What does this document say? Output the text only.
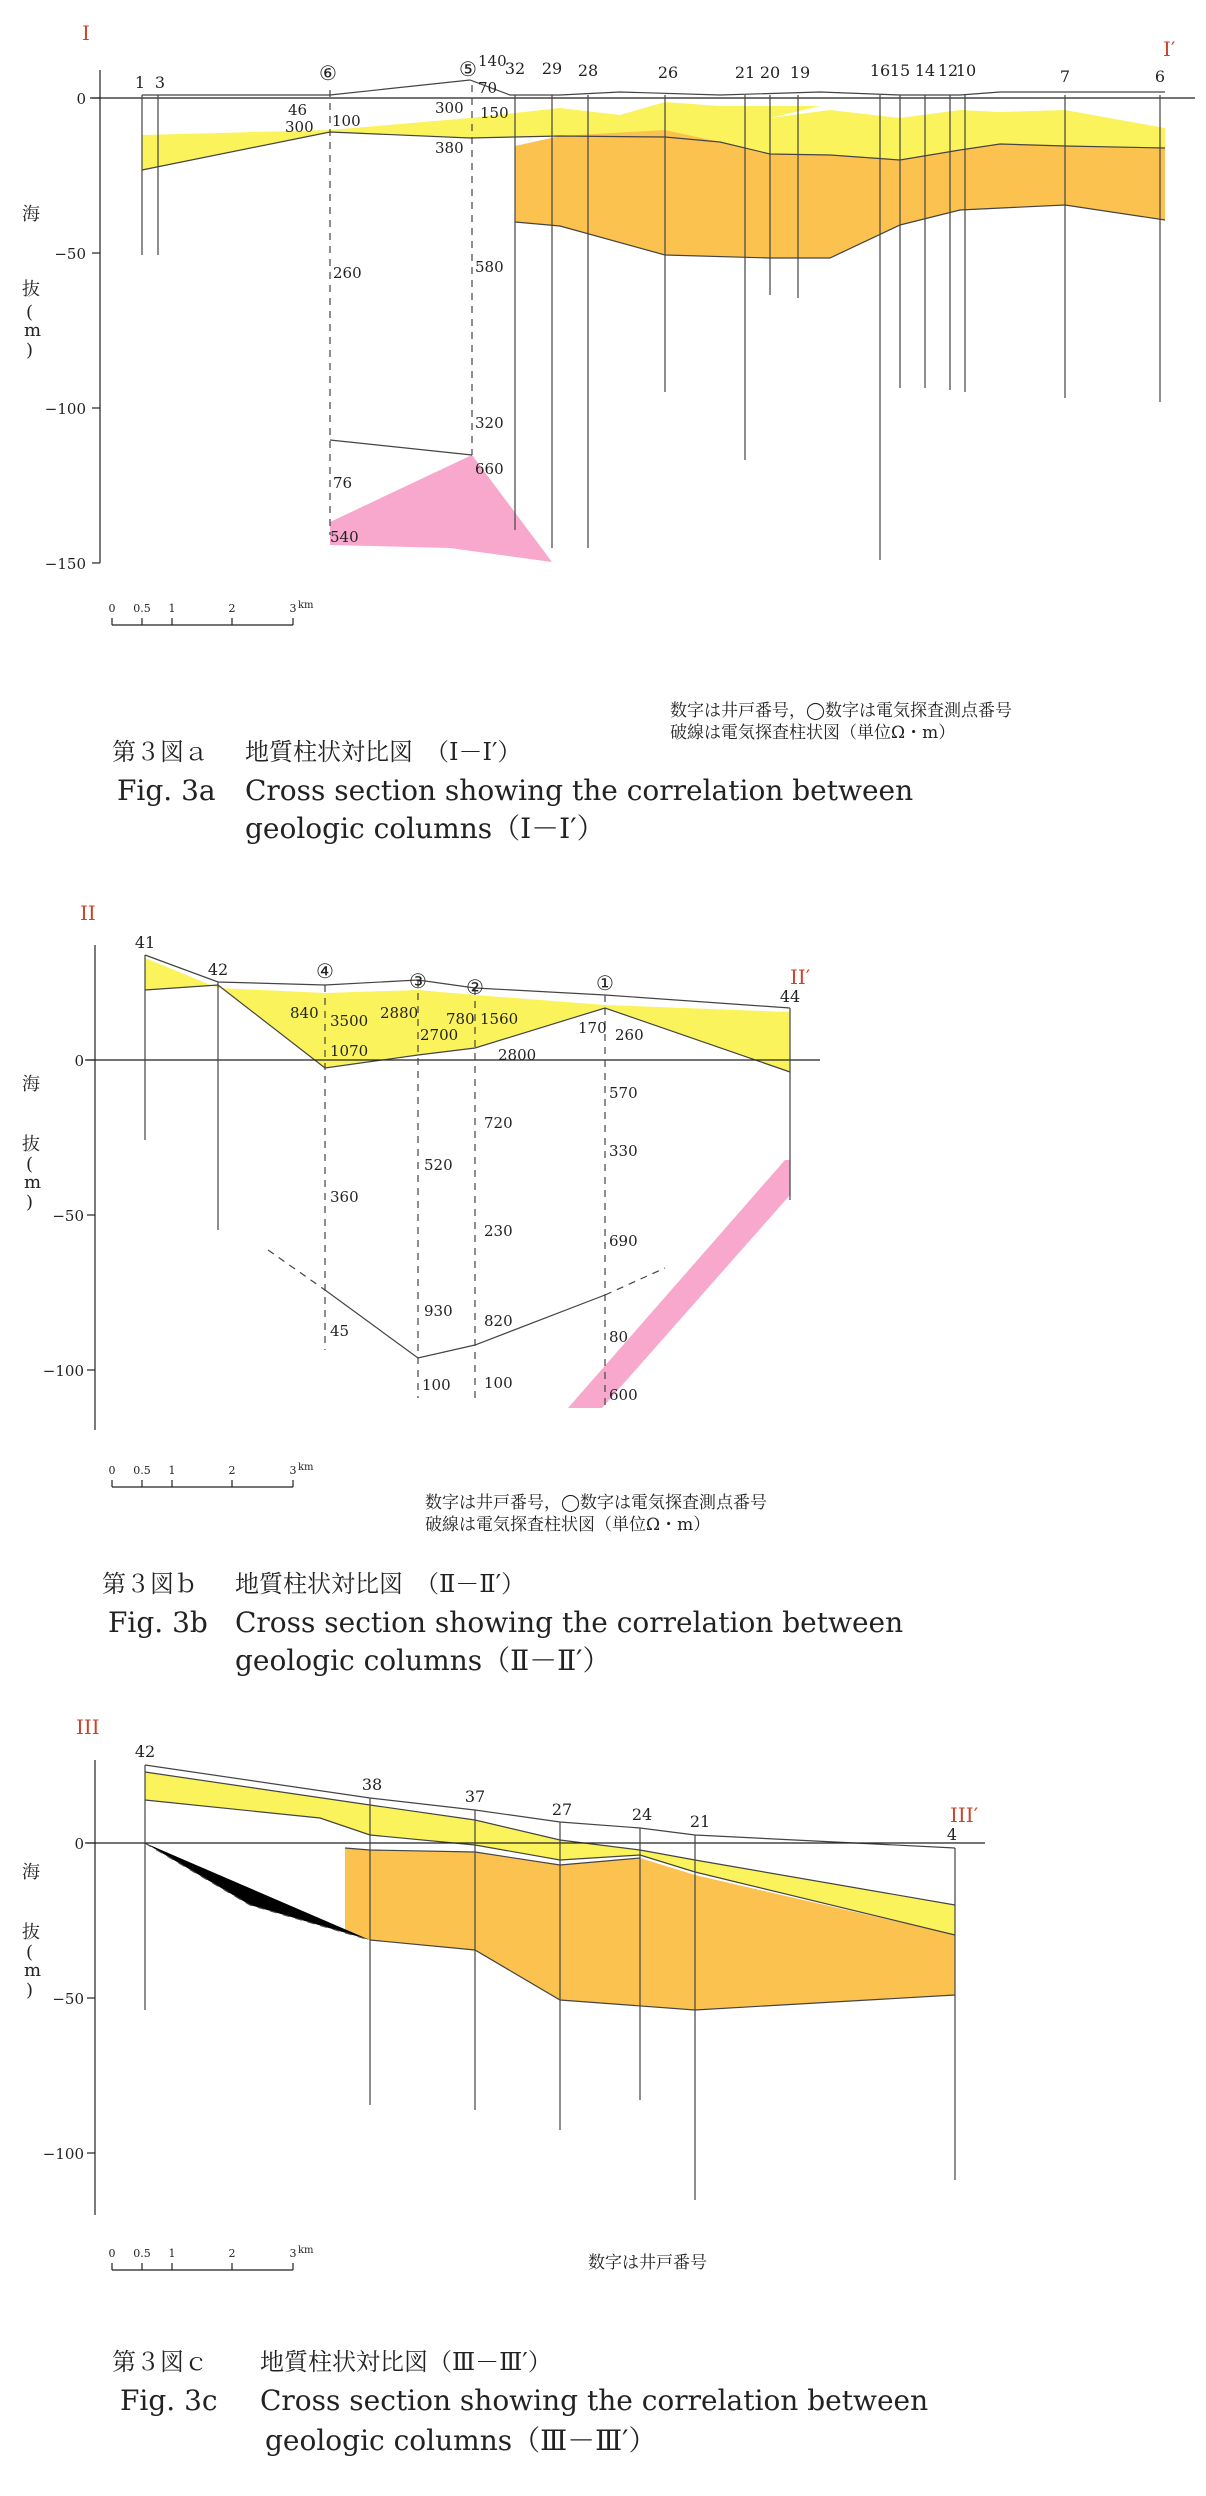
I
I′
0
−50
−100
−150
海
抜
(
m
)
1 3
32 29 28	26	21 20 19	16 15 14 12
10	7	6
⑥	⑤ 140
70
150
300
380
46
300 100
260	580
320
660
76
540
0 0.5 1	2	3 km
数字は井戸番号，◯数字は電気探査測点番号
破線は電気探査柱状図（単位Ω・m）
第３図ａ 地質柱状対比図　（Ⅰ－Ⅰ′）
Fig. 3a Cross section showing the correlation between
geologic columns（Ⅰ－Ⅰ′）
II
II′
0
−50
−100
海
抜
(
m
)
41
42
44
④	③ ②	①
840 3500
1070
2880
2700
780 1560
2800
170 260
570
720
520
330
360
230
690
930
820
45	80
100 100
600
0 0.5 1	2	3 km
数字は井戸番号，◯数字は電気探査測点番号
破線は電気探査柱状図（単位Ω・m）
第３図ｂ 地質柱状対比図　（Ⅱ－Ⅱ′）
Fig. 3b Cross section showing the correlation between
geologic columns（Ⅱ－Ⅱ′）
III
III′
0
−50
−100
海
抜
(
m
)
42
38
37
27	24 21
4
0 0.5 1	2	3 km
数字は井戸番号
第３図ｃ 地質柱状対比図（Ⅲ－Ⅲ′）
Fig. 3c Cross section showing the correlation between
geologic columns（Ⅲ－Ⅲ′）
